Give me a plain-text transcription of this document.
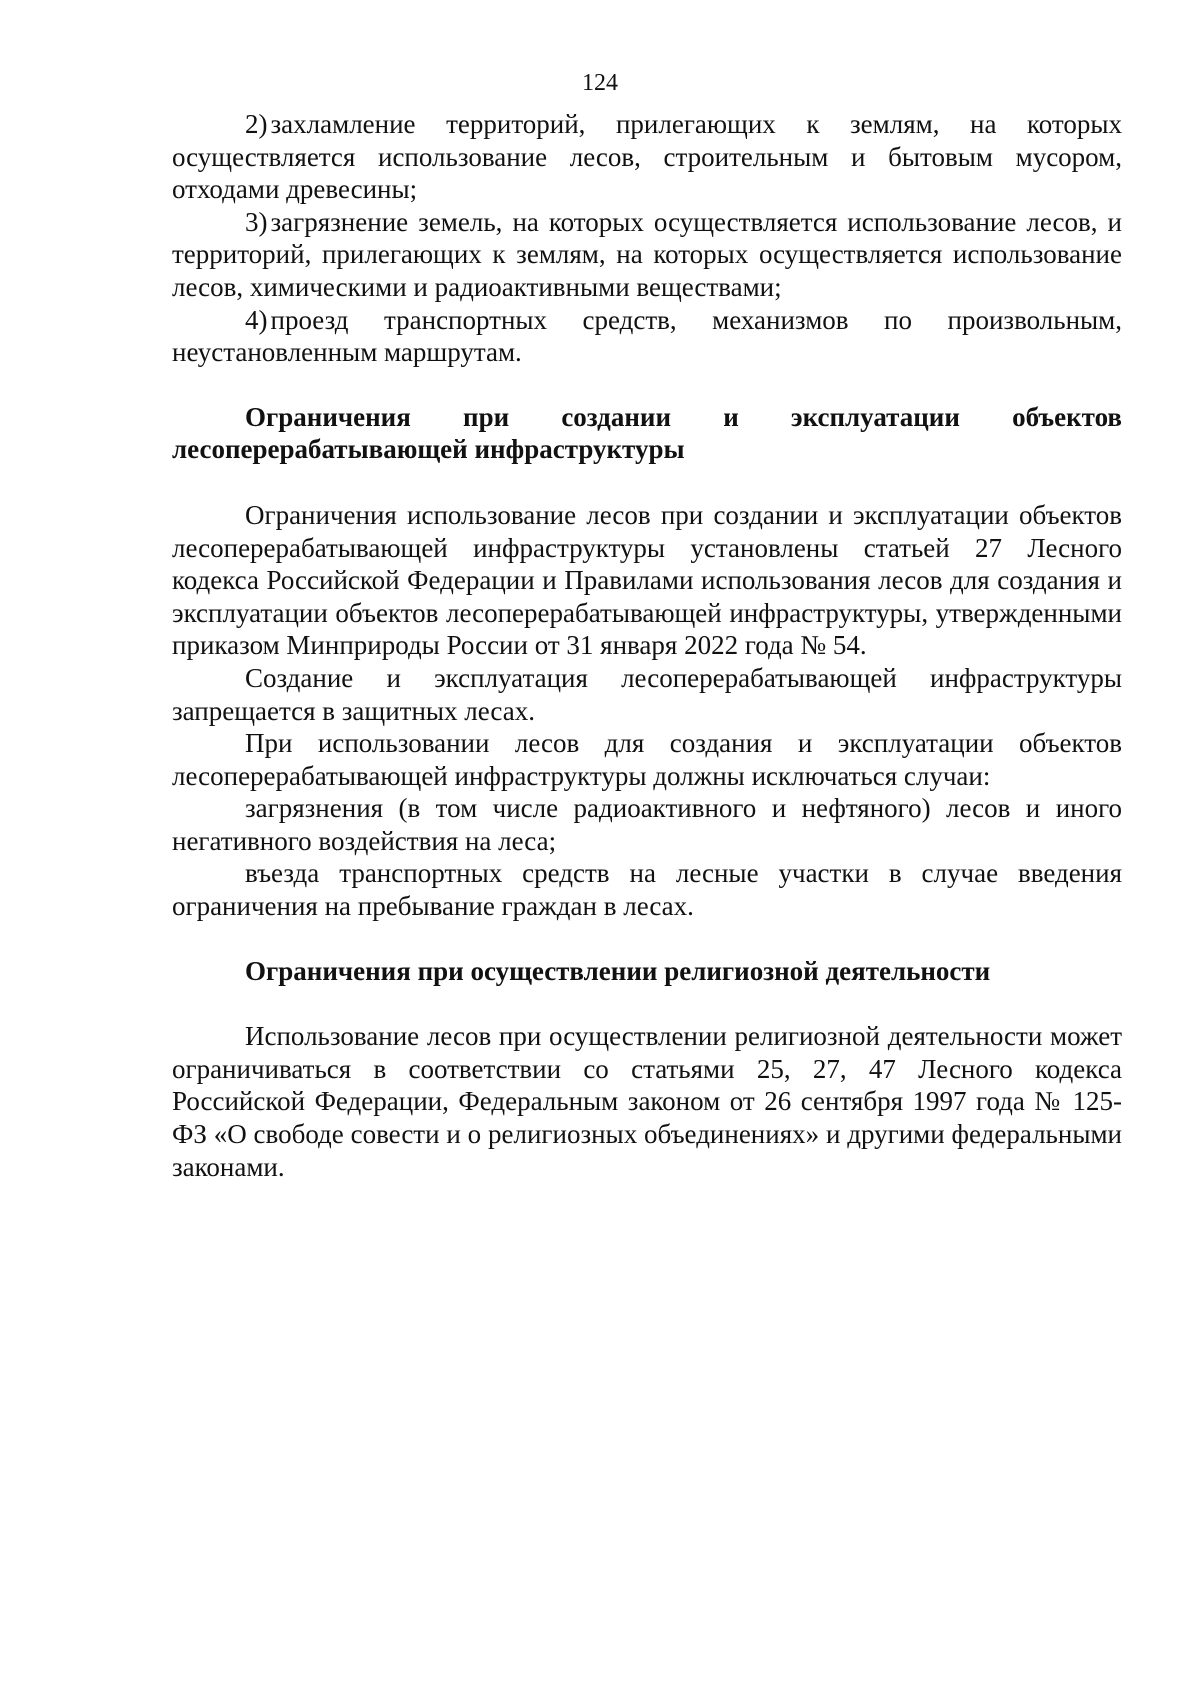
124

2) захламление территорий, прилегающих к землям, на которых осуществляется использование лесов, строительным и бытовым мусором, отходами древесины;

3) загрязнение земель, на которых осуществляется использование лесов, и территорий, прилегающих к землям, на которых осуществляется использование лесов, химическими и радиоактивными веществами;

4) проезд транспортных средств, механизмов по произвольным, неустановленным маршрутам.

Ограничения при создании и эксплуатации объектов лесоперерабатывающей инфраструктуры

Ограничения использование лесов при создании и эксплуатации объектов лесоперерабатывающей инфраструктуры установлены статьей 27 Лесного кодекса Российской Федерации и Правилами использования лесов для создания и эксплуатации объектов лесоперерабатывающей инфраструктуры, утвержденными приказом Минприроды России от 31 января 2022 года № 54.

Создание и эксплуатация лесоперерабатывающей инфраструктуры запрещается в защитных лесах.

При использовании лесов для создания и эксплуатации объектов лесоперерабатывающей инфраструктуры должны исключаться случаи:

загрязнения (в том числе радиоактивного и нефтяного) лесов и иного негативного воздействия на леса;

въезда транспортных средств на лесные участки в случае введения ограничения на пребывание граждан в лесах.

Ограничения при осуществлении религиозной деятельности

Использование лесов при осуществлении религиозной деятельности может ограничиваться в соответствии со статьями 25, 27, 47 Лесного кодекса Российской Федерации, Федеральным законом от 26 сентября 1997 года № 125-ФЗ «О свободе совести и о религиозных объединениях» и другими федеральными законами.
